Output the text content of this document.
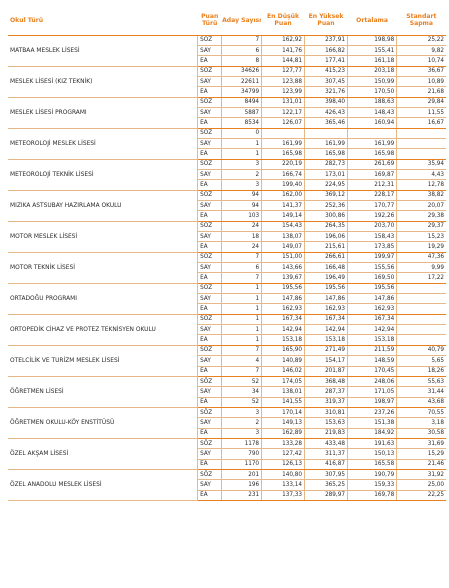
Okul Türü	Puan Türü	Aday Sayısı	En Düşük Puan	En Yüksek Puan	Ortalama	Standart Sapma
MATBAA MESLEK LİSESİ	SÖZ	7	162,92	237,91	198,98	25,22
	SAY	6	141,76	166,82	155,41	9,82
	EA	8	144,81	177,41	161,18	10,74
MESLEK LİSESİ (KIZ TEKNİK)	SÖZ	34626	127,77	415,23	203,18	36,67
	SAY	22611	123,88	307,45	150,99	10,89
	EA	34799	123,99	321,76	170,50	21,68
MESLEK LİSESİ PROGRAMI	SÖZ	8494	131,01	398,40	188,63	29,84
	SAY	5887	122,17	426,43	148,43	11,55
	EA	8534	126,07	365,46	160,94	16,67
METEOROLOJİ MESLEK LİSESİ	SÖZ	0				
	SAY	1	161,99	161,99	161,99	
	EA	1	165,98	165,98	165,98	
METEOROLOJİ TEKNİK LİSESİ	SÖZ	3	220,19	282,73	261,69	35,94
	SAY	2	166,74	173,01	169,87	4,43
	EA	3	199,40	224,95	212,31	12,78
MIZIKA ASTSUBAY HAZIRLAMA OKULU	SÖZ	94	162,00	369,12	228,17	38,82
	SAY	94	141,37	252,36	170,77	20,07
	EA	103	149,14	300,86	192,26	29,38
MOTOR MESLEK LİSESİ	SÖZ	24	154,43	264,35	203,70	29,37
	SAY	18	138,07	196,06	158,43	15,23
	EA	24	149,07	215,61	173,85	19,29
MOTOR TEKNİK LİSESİ	SÖZ	7	151,00	266,61	199,97	47,36
	SAY	6	143,66	166,48	155,56	9,99
	EA	7	139,67	196,49	169,50	17,22
ORTADOĞU PROGRAMI	SÖZ	1	195,56	195,56	195,56	
	SAY	1	147,86	147,86	147,86	
	EA	1	162,93	162,93	162,93	
ORTOPEDİK CİHAZ VE PROTEZ TEKNİSYEN OKULU	SÖZ	1	167,34	167,34	167,34	
	SAY	1	142,94	142,94	142,94	
	EA	1	153,18	153,18	153,18	
OTELCİLİK VE TURİZM MESLEK LİSESİ	SÖZ	7	165,90	271,49	211,59	40,79
	SAY	4	140,89	154,17	148,59	5,65
	EA	7	146,02	201,87	170,45	18,26
ÖĞRETMEN LİSESİ	SÖZ	52	174,05	368,48	248,06	55,63
	SAY	34	138,01	287,37	171,05	31,44
	EA	52	141,55	319,37	198,97	43,68
ÖĞRETMEN OKULU-KÖY ENSTİTÜSÜ	SÖZ	3	170,14	310,81	237,26	70,55
	SAY	2	149,13	153,63	151,38	3,18
	EA	3	162,89	219,83	184,92	30,58
ÖZEL AKŞAM LİSESİ	SÖZ	1178	133,28	433,48	191,63	31,69
	SAY	790	127,42	311,37	150,13	15,29
	EA	1170	126,13	416,87	165,58	21,46
ÖZEL ANADOLU MESLEK LİSESİ	SÖZ	201	140,80	307,95	190,79	31,92
	SAY	196	133,14	365,25	159,33	25,00
	EA	231	137,33	289,97	169,78	22,25
